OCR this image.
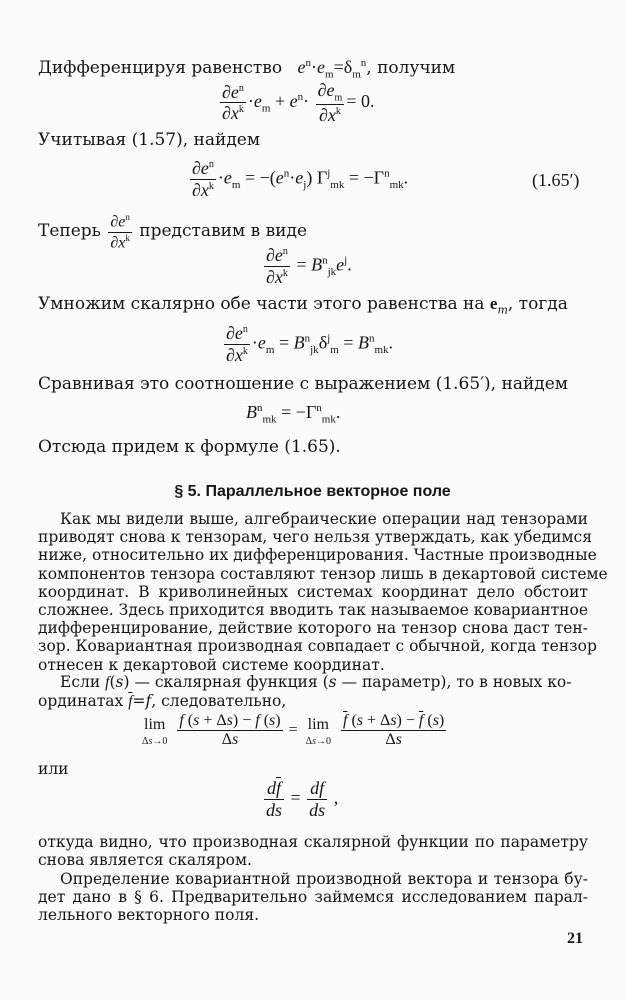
Дифференцируя равенство $e^n\cdot e_m=\delta_m^n$, получим
$\frac{\partial e^n}{\partial x^k} \cdot e_m + e^n\cdot \frac{\partial e_m}{\partial x^k} = 0$.
Учитывая (1.57), найдем
$\frac{\partial e^n}{\partial x^k} \cdot e_m = -(e^n\cdot e_j) \Gamma^j_{mk} = -\Gamma^n_{mk}$.	(1.65′)
Теперь $\frac{\partial e^n}{\partial x^k}$ представим в виде
$\frac{\partial e^n}{\partial x^k} = B^n_{jk}e^j$.
Умножим скалярно обе части этого равенства на $e_m$, тогда
$\frac{\partial e^n}{\partial x^k} \cdot e_m = B^n_{jk}\delta^j_m = B^n_{mk}$.
Сравнивая это соотношение с выражением (1.65′), найдем
$B^n_{mk} = -\Gamma^n_{mk}$.
Отсюда придем к формуле (1.65).
§ 5. Параллельное векторное поле
Как мы видели выше, алгебраические операции над тензорами
приводят снова к тензорам, чего нельзя утверждать, как убедимся
ниже, относительно их дифференцирования. Частные производные
компонентов тензора составляют тензор лишь в декартовой системе
координат. В криволинейных системах координат дело обстоит
сложнее. Здесь приходится вводить так называемое ковариантное
дифференцирование, действие которого на тензор снова даст тен-
зор. Ковариантная производная совпадает с обычной, когда тензор
отнесен к декартовой системе координат.
Если f(s) — скалярная функция (s — параметр), то в новых ко-
ординатах $\overline{f}=f$, следовательно,
lim
Δs→0
$\frac{f (s + \Delta s) - f (s)}{\Delta s} = \lim$
Δs→0
$\frac{\overline{f} (s + \Delta s) - \overline{f} (s)}{\Delta s}$
или
$\frac{d\overline{f}}{ds} = \frac{df}{ds}$ ,
откуда видно, что производная скалярной функции по параметру
снова является скаляром.
Определение ковариантной производной вектора и тензора бу-
дет дано в § 6. Предварительно займемся исследованием парал-
лельного векторного поля.
21
